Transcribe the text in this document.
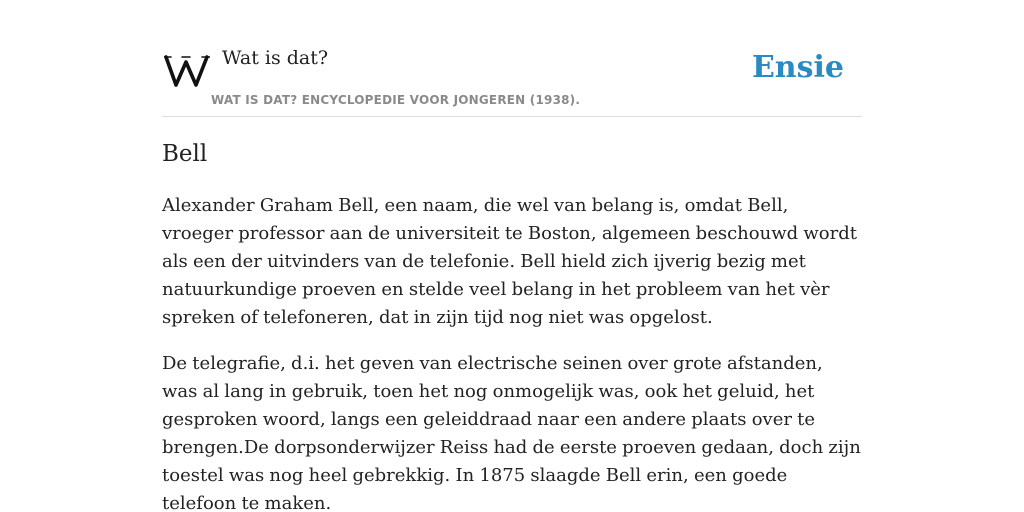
Wat is dat?
WAT IS DAT? ENCYCLOPEDIE VOOR JONGEREN (1938).
Ensie
Bell

Alexander Graham Bell, een naam, die wel van belang is, omdat Bell, vroeger professor aan de universiteit te Boston, algemeen beschouwd wordt als een der uitvinders van de telefonie. Bell hield zich ijverig bezig met natuurkundige proeven en stelde veel belang in het probleem van het vèr spreken of telefoneren, dat in zijn tijd nog niet was opgelost.

De telegrafie, d.i. het geven van electrische seinen over grote afstanden, was al lang in gebruik, toen het nog onmogelijk was, ook het geluid, het gesproken woord, langs een geleiddraad naar een andere plaats over te brengen.De dorpsonderwijzer Reiss had de eerste proeven gedaan, doch zijn toestel was nog heel gebrekkig. In 1875 slaagde Bell erin, een goede telefoon te maken.
